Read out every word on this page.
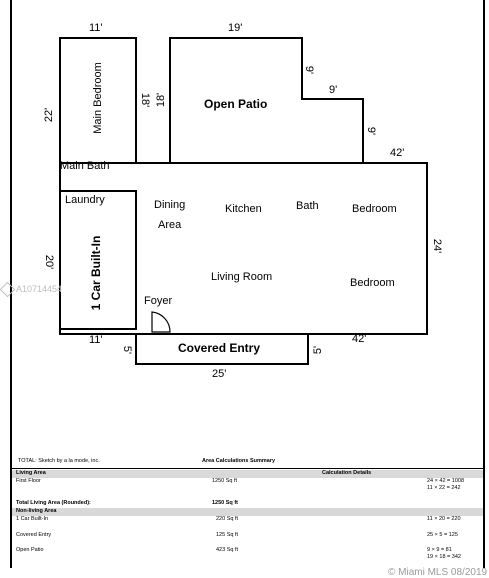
Main Bedroom	Open Patio
Main Bath
Laundry	Dining
Area
Kitchen	Bath	Bedroom
Living Room	Bedroom
1 Car Built-In	Foyer
Covered Entry
11'	19'
9'
9'
9'
22'
18' 18'
42'
24'
20'
11'
5'	5'
42'
25'
A10714454
© Miami MLS 08/2019
TOTAL: Sketch by a la mode, inc.	Area Calculations Summary
Living Area	Calculation Details
First Floor	1250 Sq ft	24 × 42 = 1008
11 × 22 = 242
Total Living Area (Rounded):	1250 Sq ft
Non-living Area
1 Car Built-In	220 Sq ft	11 × 20 = 220
Covered Entry	125 Sq ft	25 × 5 = 125
Open Patio	423 Sq ft	9 × 9 = 81
19 × 18 = 342
